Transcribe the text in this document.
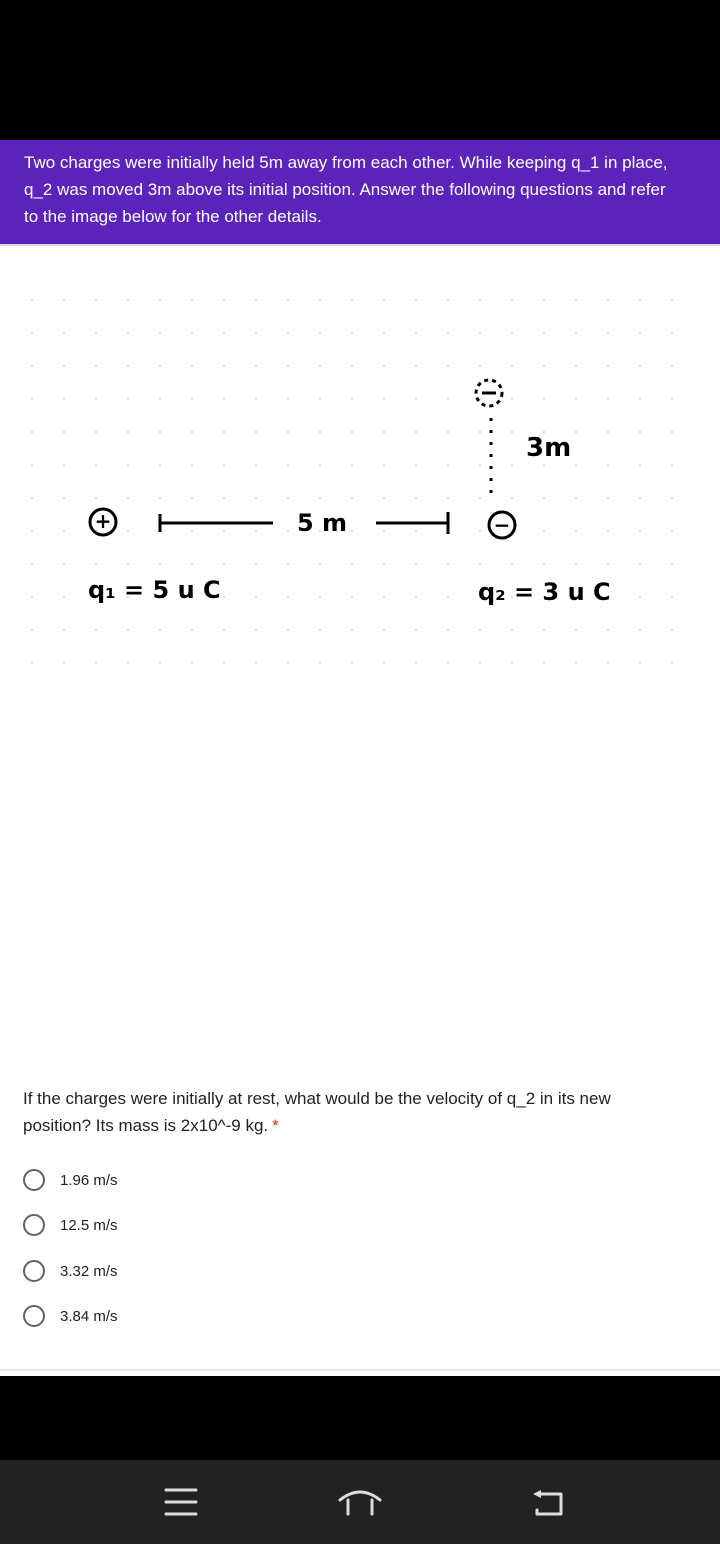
Two charges were initially held 5m away from each other. While keeping q_1 in place, q_2 was moved 3m above its initial position. Answer the following questions and refer to the image below for the other details.
+	5 m	−
3m
q₁ = 5 u C	q₂ = 3 u C
If the charges were initially at rest, what would be the velocity of q_2 in its new position? Its mass is 2x10^-9 kg. *
1.96 m/s
12.5 m/s
3.32 m/s
3.84 m/s
